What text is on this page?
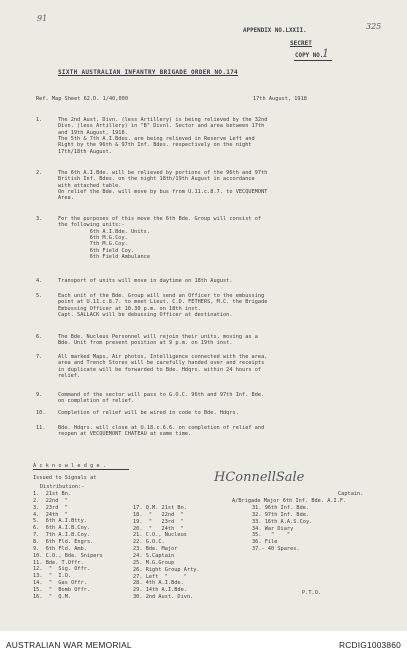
91
325
APPENDIX NO.LXXII.
SECRET
COPY NO.
1
SIXTH AUSTRALIAN INFANTRY BRIGADE ORDER NO.174
Ref. Map Sheet 62.D. 1/40,000	17th August, 1918
1.	The 2nd Aust. Divn. (less Artillery) is being relieved by the 32nd
Divn. (less Artillery) in "B" Divnl. Sector and area between 17th
and 19th August, 1918.
The 5th & 7th A.I.Bdes. are being relieved in Reserve Left and
Right by the 96th & 97th Inf. Bdes. respectively on the night
17th/18th August.
2.	The 6th A.I.Bde. will be relieved by portions of the 96th and 97th
British Inf. Bdes. on the night 18th/19th August in accordance
with attached table.
On relief the Bde. will move by bus from U.11.c.8.7. to VECQUEMONT
Area.
3.	For the purposes of this move the 6th Bde. Group will consist of
the following units:-
6th A.I.Bde. Units.
6th M.G.Coy.
7th M.G.Coy.
6th Field Coy.
6th Field Ambulance
4.	Transport of units will move in daytime on 18th August.
5.	Each unit of the Bde. Group will send an Officer to the embussing
point at U.11.c.8.7. to meet Lieut. C.D. FETHERS, M.C. the Brigade
Embussing Officer at 10.30 p.m. on 18th inst.
Capt. SALLACK will be debussing Officer at destination.
6.	The Bde. Nucleus Personnel will rejoin their units, moving as a
Bde. Unit from present position at 9 p.m. on 19th inst.
7.	All marked Maps, Air photos, Intelligence connected with the area,
area and Trench Stores will be carefully handed over and receipts
in duplicate will be forwarded to Bde. Hdqrs. within 24 hours of
relief.
9.	Command of the sector will pass to G.O.C. 96th and 97th Inf. Bde.
on completion of relief.
10. Completion of relief will be wired in code to Bde. Hdqrs.
11. Bde. Hdqrs. will close at U.18.c.6.6. on completion of relief and
reopen at VECQUEMONT CHATEAU at same time.
A c k n o w l e d g e .
Issued to Signals at
Distribution:-
HConnellSale
Captain.
A/Brigade Major 6th Inf. Bde. A.I.F.
1.  21st Bn.
2.  22nd  "
3.  23rd  "
4.  24th  "
5.  6th A.I.Btty.
6.  6th A.I.B.Coy.
7.  7th A.I.B.Coy.
8.  6th Fld. Engrs.
9.  6th Fld. Amb.
10. C.O., Bde. Snipers
11. Bde. T.Offr.
12.  "  Sig. Offr.
13.  "  I.O.
14.  "  Gas Offr.
15.  "  Bomb Offr.
16.  "  Q.M.
17. Q.M. 21st Bn.
18.  "   22nd  "
19.  "   23rd  "
20.  "   24th  "
21. C.O., Nucleus
22. G.O.C.
23. Bde. Major
24. S.Captain
25. M.G.Group
26. Right Group Arty.
27. Left  "     "
28. 4th A.I.Bde.
29. 14th A.I.Bde.
30. 2nd Aust. Divn.
31. 96th Inf. Bde.
32. 97th Inf. Bde.
33. 16th A.A.S.Coy.
34. War Diary
35.   "    "
36. File
37.- 40 Spares.
P.T.O.
AUSTRALIAN WAR MEMORIAL	RCDIG1003860
